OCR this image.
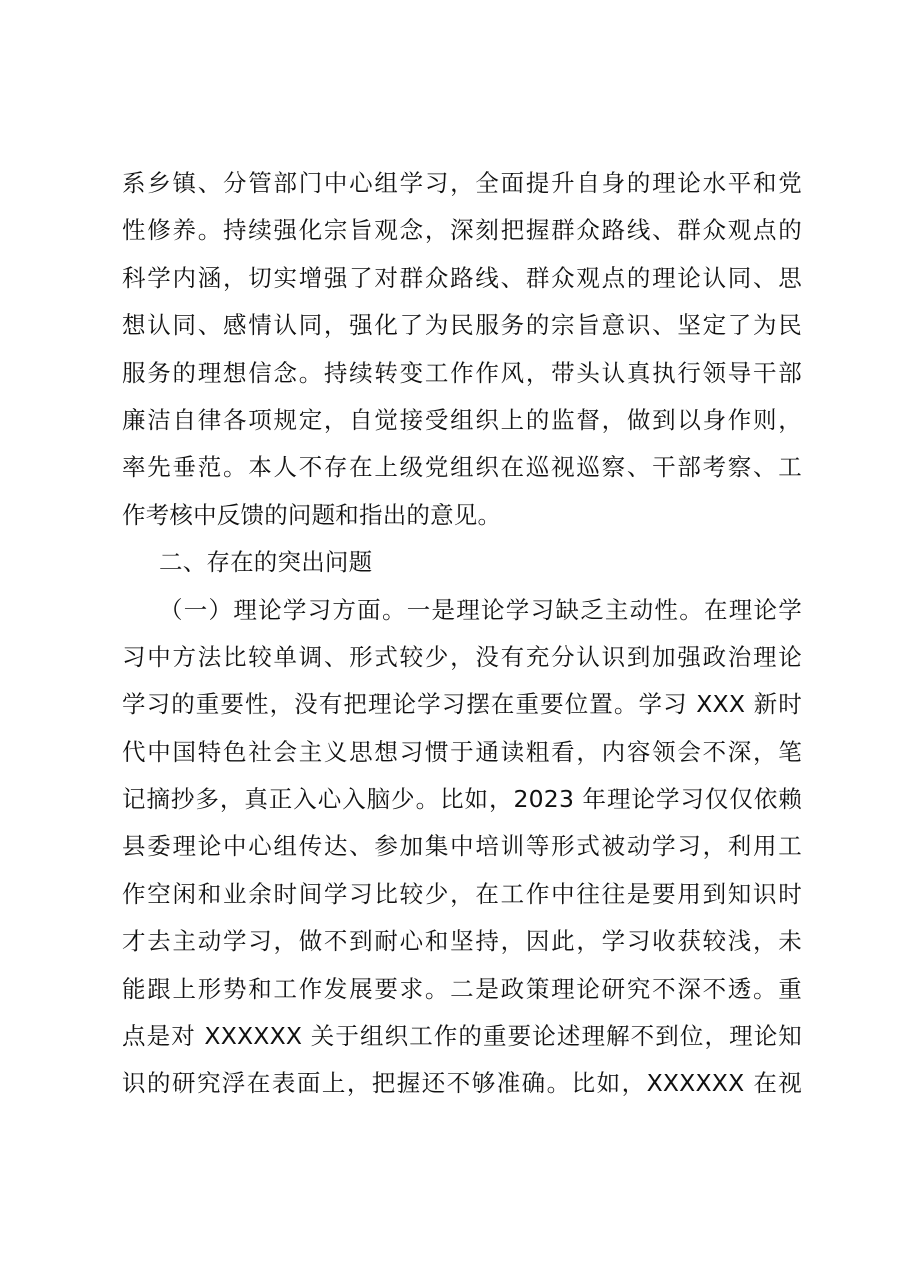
系乡镇、分管部门中心组学习，全面提升自身的理论水平和党
性修养。持续强化宗旨观念，深刻把握群众路线、群众观点的
科学内涵，切实增强了对群众路线、群众观点的理论认同、思
想认同、感情认同，强化了为民服务的宗旨意识、坚定了为民
服务的理想信念。持续转变工作作风，带头认真执行领导干部
廉洁自律各项规定，自觉接受组织上的监督，做到以身作则，
率先垂范。本人不存在上级党组织在巡视巡察、干部考察、工
作考核中反馈的问题和指出的意见。
二、存在的突出问题
（一）理论学习方面。一是理论学习缺乏主动性。在理论学
习中方法比较单调、形式较少，没有充分认识到加强政治理论
学习的重要性，没有把理论学习摆在重要位置。学习 XXX 新时
代中国特色社会主义思想习惯于通读粗看，内容领会不深，笔
记摘抄多，真正入心入脑少。比如，2023 年理论学习仅仅依赖
县委理论中心组传达、参加集中培训等形式被动学习，利用工
作空闲和业余时间学习比较少，在工作中往往是要用到知识时
才去主动学习，做不到耐心和坚持，因此，学习收获较浅，未
能跟上形势和工作发展要求。二是政策理论研究不深不透。重
点是对 XXXXXX 关于组织工作的重要论述理解不到位，理论知
识的研究浮在表面上，把握还不够准确。比如，XXXXXX 在视
